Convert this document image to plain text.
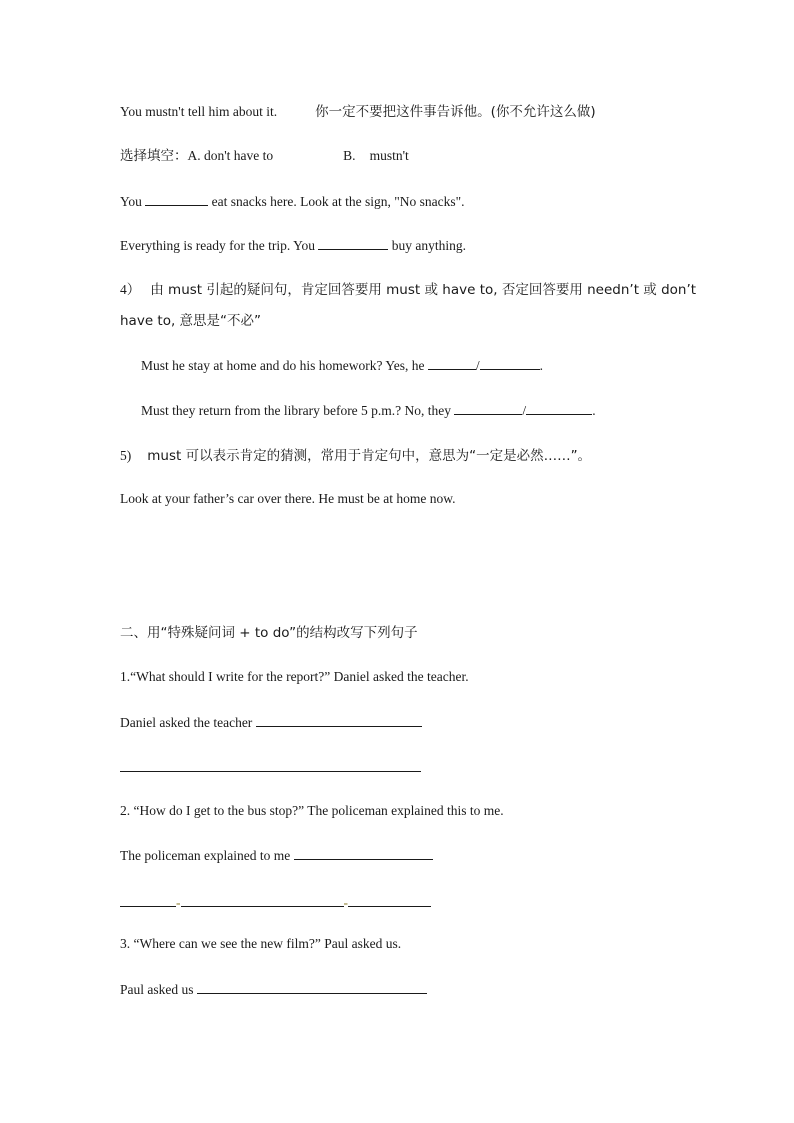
You mustn't tell him about it.	你一定不要把这件事告诉他。(你不允许这么做)
选择填空：A. don't have to	B. mustn't
You	eat snacks here. Look at the sign, "No snacks".
Everything is ready for the trip. You	buy anything.
4） 由 must 引起的疑问句，肯定回答要用 must 或 have to, 否定回答要用 needn’t 或 don’t
have to, 意思是“不必”
Must he stay at home and do his homework? Yes, he	/	.
Must they return from the library before 5 p.m.? No, they	/	.
5) must 可以表示肯定的猜测，常用于肯定句中，意思为“一定是必然……”。
Look at your father’s car over there. He must be at home now.
二、用“特殊疑问词 + to do”的结构改写下列句子
1.“What should I write for the report?” Daniel asked the teacher.
Daniel asked the teacher
2. “How do I get to the bus stop?” The policeman explained this to me.
The policeman explained to me
-	-
3. “Where can we see the new film?” Paul asked us.
Paul asked us
